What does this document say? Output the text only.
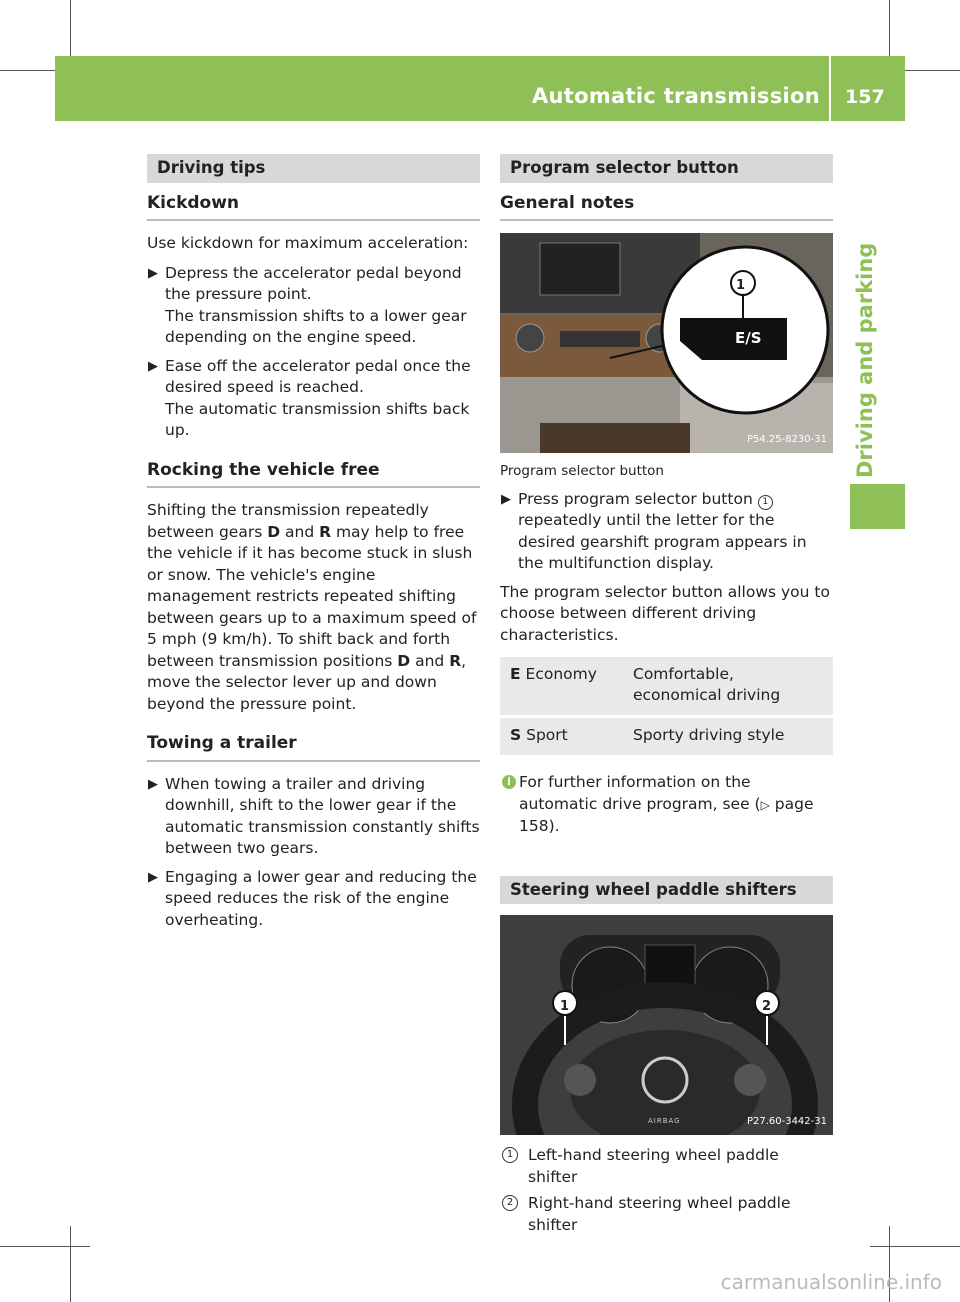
Automatic transmission 157
Driving and parking
Driving tips
Kickdown

Use kickdown for maximum acceleration:

▶ Depress the accelerator pedal beyond the pressure point.
The transmission shifts to a lower gear depending on the engine speed.
▶ Ease off the accelerator pedal once the desired speed is reached.
The automatic transmission shifts back up.
Rocking the vehicle free

Shifting the transmission repeatedly between gears D and R may help to free the vehicle if it has become stuck in slush or snow. The vehicle's engine management restricts repeated shifting between gears up to a maximum speed of 5 mph (9 km/h). To shift back and forth between transmission positions D and R, move the selector lever up and down beyond the pressure point.

Towing a trailer
▶ When towing a trailer and driving downhill, shift to the lower gear if the automatic transmission constantly shifts between two gears.
▶ Engaging a lower gear and reducing the speed reduces the risk of the engine overheating.
Program selector button
General notes
1
E/S
P54.25-8230-31
Program selector button
▶ Press program selector button 1 repeatedly until the letter for the desired gearshift program appears in the multifunction display.

The program selector button allows you to choose between different driving characteristics.

E Economy	Comfortable, economical driving
S Sport	Sporty driving style
i For further information on the automatic drive program, see (▷ page 158).
Steering wheel paddle shifters
1	2
AIRBAG	P27.60-3442-31
1 Left-hand steering wheel paddle shifter
2 Right-hand steering wheel paddle shifter
carmanualsonline.info
